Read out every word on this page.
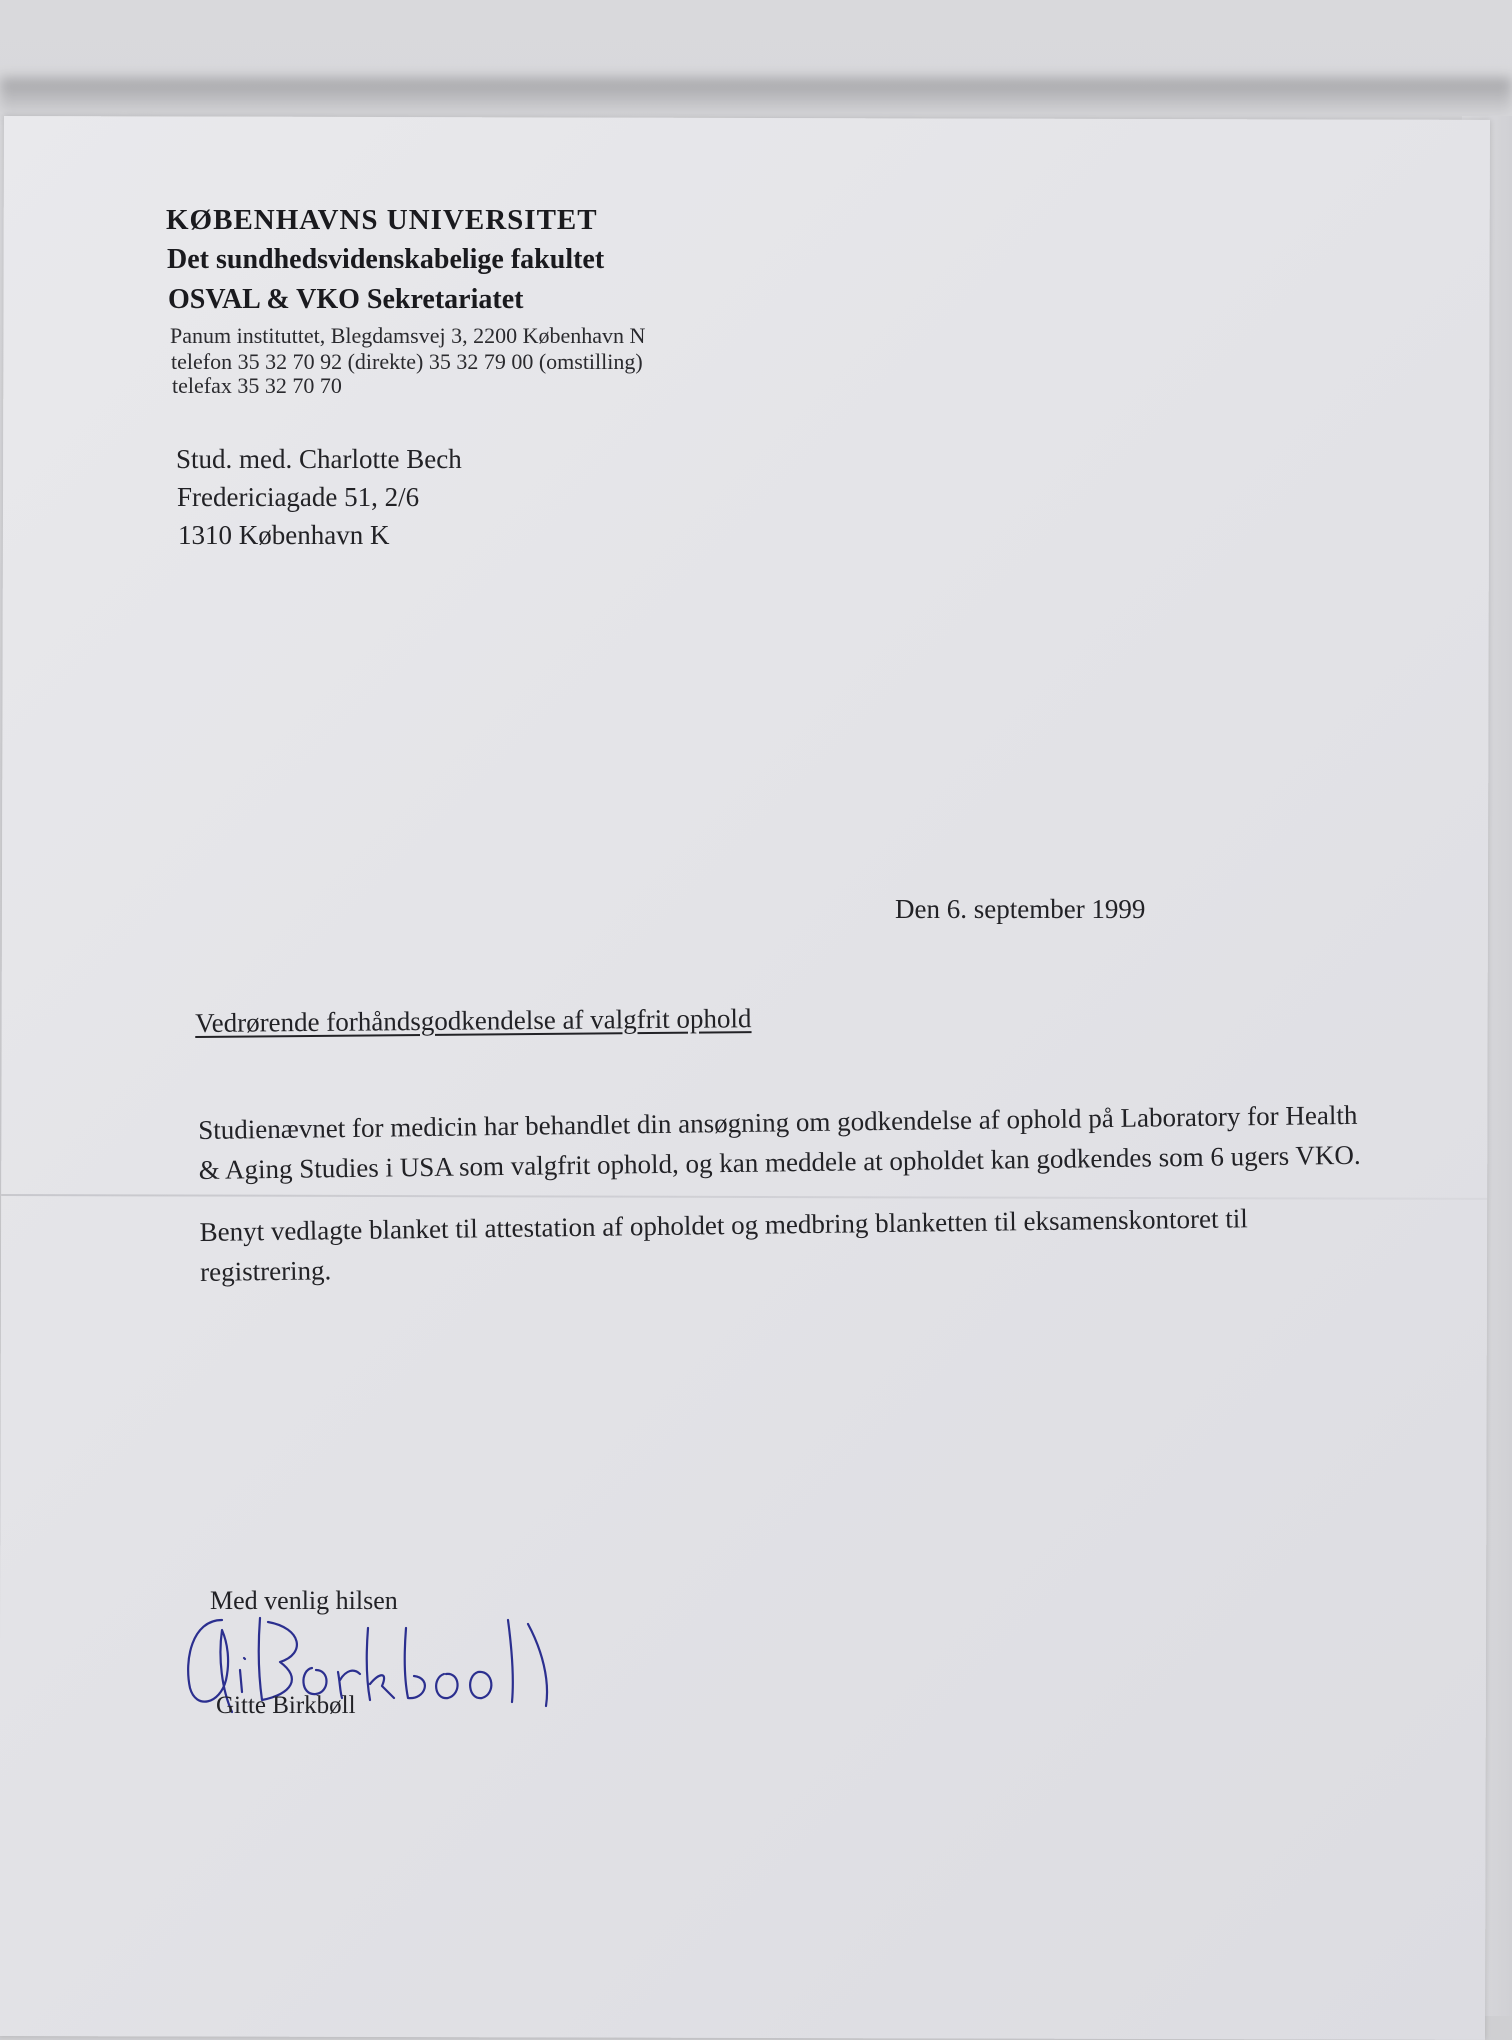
KØBENHAVNS UNIVERSITET
Det sundhedsvidenskabelige fakultet
OSVAL & VKO Sekretariatet
Panum instituttet, Blegdamsvej 3, 2200 København N
telefon 35 32 70 92 (direkte) 35 32 79 00 (omstilling)
telefax 35 32 70 70
Stud. med. Charlotte Bech
Fredericiagade 51, 2/6
1310 København K
Den 6. september 1999
Vedrørende forhåndsgodkendelse af valgfrit ophold

Studienævnet for medicin har behandlet din ansøgning om godkendelse af ophold på Laboratory for Health & Aging Studies i USA som valgfrit ophold, og kan meddele at opholdet kan godkendes som 6 ugers VKO.

Benyt vedlagte blanket til attestation af opholdet og medbring blanketten til eksamenskontoret til registrering.

Med venlig hilsen
Gitte Birkbøll
